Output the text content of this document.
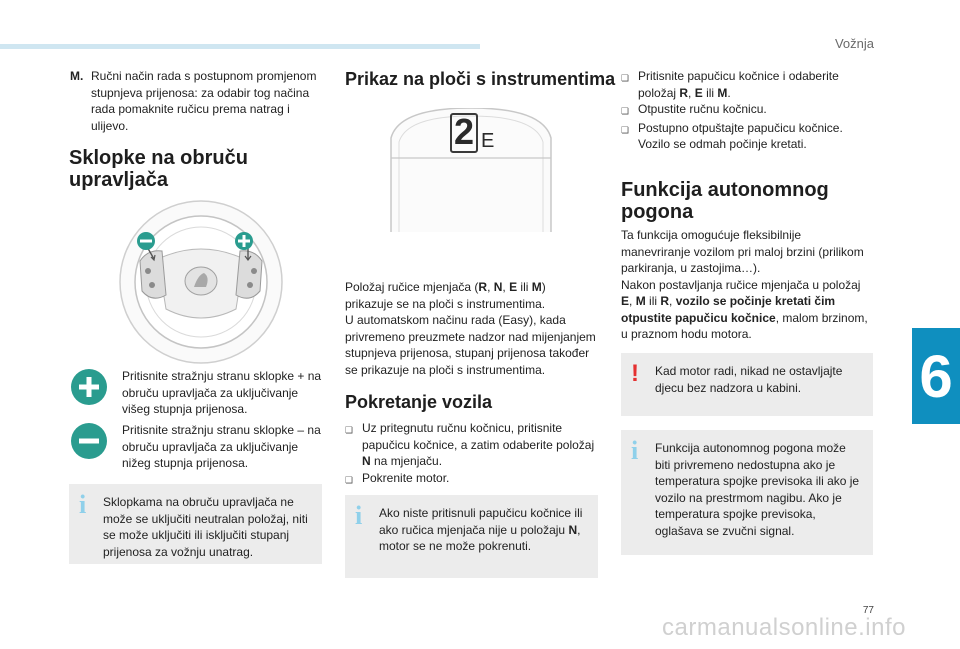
Vožnja
6
M. Ručni način rada s postupnom promjenom stupnjeva prijenosa: za odabir tog načina rada pomaknite ručicu prema natrag i ulijevo.
Sklopke na obruču upravljača
Pritisnite stražnju stranu sklopke + na obruču upravljača za uključivanje višeg stupnja prijenosa.
Pritisnite stražnju stranu sklopke – na obruču upravljača za uključivanje nižeg stupnja prijenosa.
i Sklopkama na obruču upravljača ne može se uključiti neutralan položaj, niti se može uključiti ili isključiti stupanj prijenosa za vožnju unatrag.
Prikaz na ploči s instrumentima
2 E
Položaj ručice mjenjača (R, N, E ili M) prikazuje se na ploči s instrumentima.
U automatskom načinu rada (Easy), kada privremeno preuzmete nadzor nad mijenjanjem stupnjeva prijenosa, stupanj prijenosa također se prikazuje na ploči s instrumentima.
Pokretanje vozila
❏ Uz pritegnutu ručnu kočnicu, pritisnite papučicu kočnice, a zatim odaberite položaj N na mjenjaču.
❏ Pokrenite motor.
i Ako niste pritisnuli papučicu kočnice ili ako ručica mjenjača nije u položaju N, motor se ne može pokrenuti.
❏ Pritisnite papučicu kočnice i odaberite položaj R, E ili M.
❏ Otpustite ručnu kočnicu.
❏ Postupno otpuštajte papučicu kočnice. Vozilo se odmah počinje kretati.
Funkcija autonomnog pogona
Ta funkcija omogućuje fleksibilnije manevriranje vozilom pri maloj brzini (prilikom parkiranja, u zastojima…).
Nakon postavljanja ručice mjenjača u položaj E, M ili R, vozilo se počinje kretati čim otpustite papučicu kočnice, malom brzinom, u praznom hodu motora.
! Kad motor radi, nikad ne ostavljajte djecu bez nadzora u kabini.
i Funkcija autonomnog pogona može biti privremeno nedostupna ako je temperatura spojke previsoka ili ako je vozilo na prestrmom nagibu. Ako je temperatura spojke previsoka, oglašava se zvučni signal.
77
carmanualsonline.info
